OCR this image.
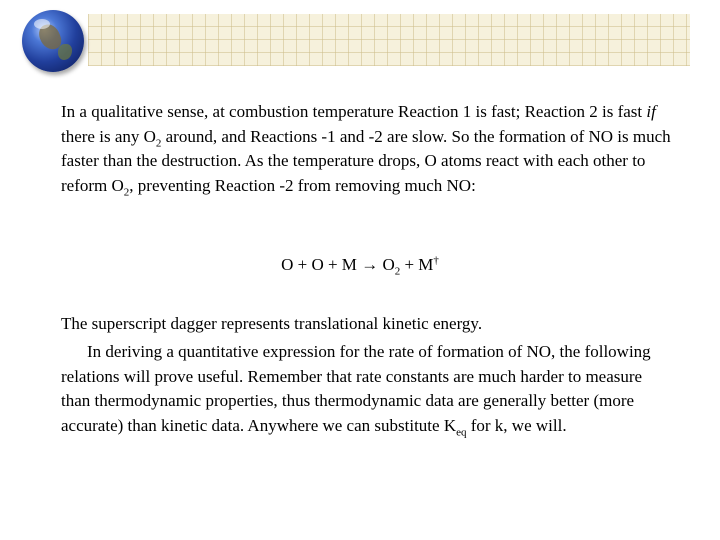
In a qualitative sense, at combustion temperature Reaction 1 is fast; Reaction 2 is fast if there is any $O_2$ around, and Reactions -1 and -2 are slow. So the formation of NO is much faster than the destruction. As the temperature drops, O atoms react with each other to reform $O_2$, preventing Reaction -2 from removing much NO:

$O + O + M \to O_2 + M^\dagger$

The superscript dagger represents translational kinetic energy.

In deriving a quantitative expression for the rate of formation of NO, the following relations will prove useful. Remember that rate constants are much harder to measure than thermodynamic properties, thus thermodynamic data are generally better (more accurate) than kinetic data. Anywhere we can substitute $K_{eq}$ for k, we will.
